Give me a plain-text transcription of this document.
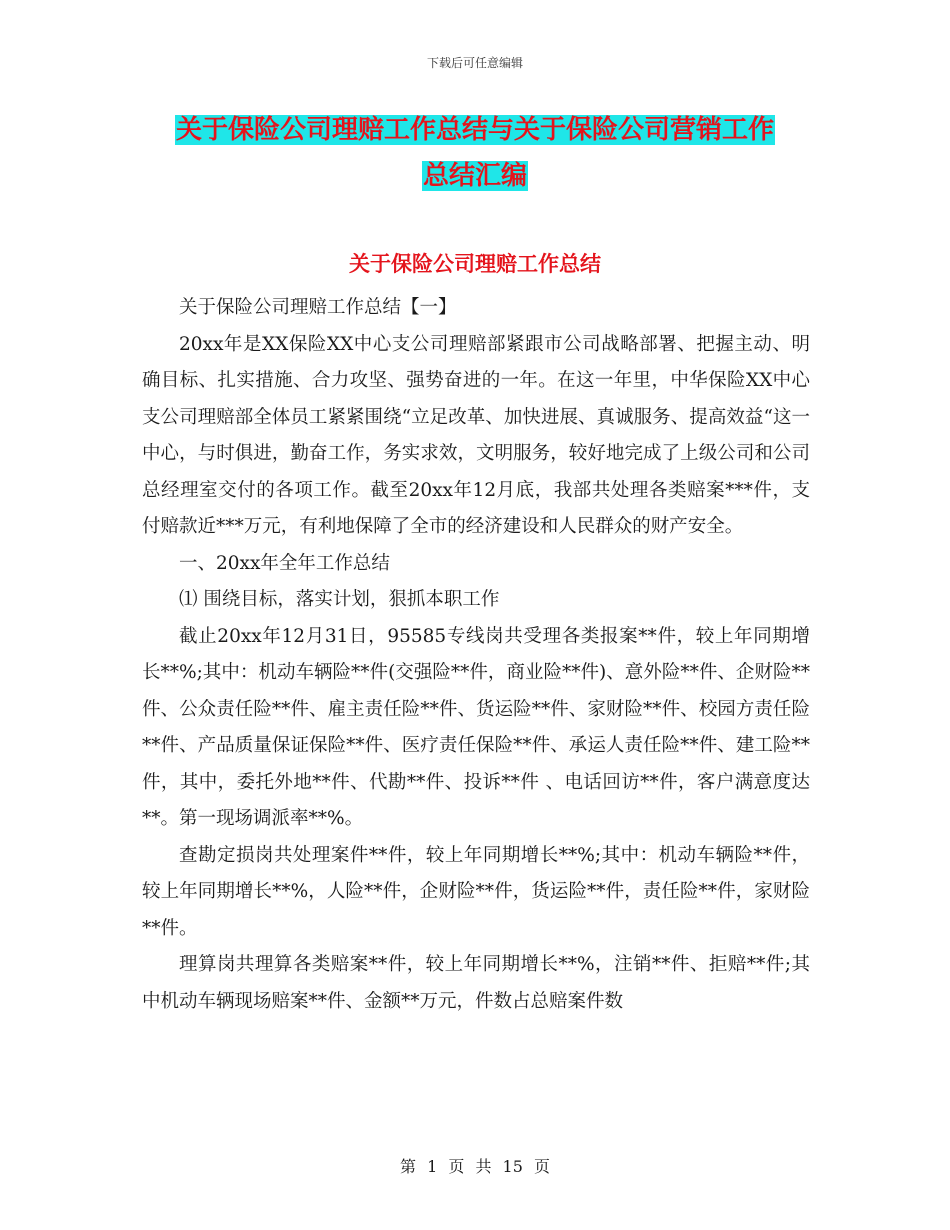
下载后可任意编辑
关于保险公司理赔工作总结与关于保险公司营销工作
总结汇编
关于保险公司理赔工作总结

关于保险公司理赔工作总结【一】

20xx年是XX保险XX中心支公司理赔部紧跟市公司战略部署、把握主动、明确目标、扎实措施、合力攻坚、强势奋进的一年。在这一年里，中华保险XX中心支公司理赔部全体员工紧紧围绕“立足改革、加快进展、真诚服务、提高效益“这一中心，与时俱进，勤奋工作，务实求效，文明服务，较好地完成了上级公司和公司总经理室交付的各项工作。截至20xx年12月底，我部共处理各类赔案***件，支付赔款近***万元，有利地保障了全市的经济建设和人民群众的财产安全。

一、20xx年全年工作总结

⑴ 围绕目标，落实计划，狠抓本职工作

截止20xx年12月31日，95585专线岗共受理各类报案**件，较上年同期增长**%;其中：机动车辆险**件(交强险**件，商业险**件)、意外险**件、企财险**件、公众责任险**件、雇主责任险**件、货运险**件、家财险**件、校园方责任险**件、产品质量保证保险**件、医疗责任保险**件、承运人责任险**件、建工险**件，其中，委托外地**件、代勘**件、投诉**件 、电话回访**件，客户满意度达**。第一现场调派率**%。

查勘定损岗共处理案件**件，较上年同期增长**%;其中：机动车辆险**件，较上年同期增长**%，人险**件，企财险**件，货运险**件，责任险**件，家财险**件。

理算岗共理算各类赔案**件，较上年同期增长**%，注销**件、拒赔**件;其中机动车辆现场赔案**件、金额**万元，件数占总赔案件数

第 1 页 共 15 页
